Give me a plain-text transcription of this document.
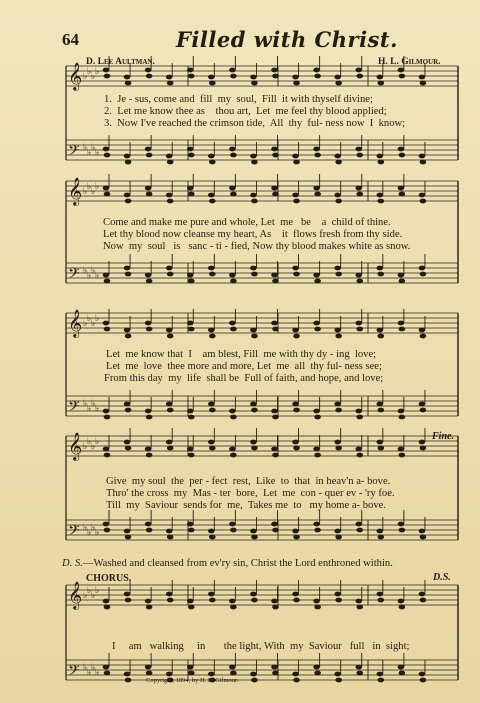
64	Filled with Christ.
D. Lee Aultman.	H. L. Gilmour.
𝄞 ♭ ♭ ♭ ♭
𝄢 ♭ ♭ ♭ ♭
𝄞 ♭ ♭ ♭ ♭
𝄢 ♭ ♭ ♭ ♭
𝄞 ♭ ♭ ♭ ♭
𝄢 ♭ ♭ ♭ ♭
𝄞 ♭ ♭ ♭ ♭
𝄢 ♭ ♭ ♭ ♭
𝄞 ♭ ♭ ♭ ♭
𝄢 ♭ ♭ ♭ ♭
1.  Je - sus, come and  fill  my  soul,  Fill  it with thyself divine;
2.  Let me know thee as    thou art,  Let  me feel thy blood applied;
3.  Now I've reached the crimson tide,  All  thy  ful- ness now  I  know;
Come and make me pure and whole, Let  me   be    a  child of thine.
Let thy blood now cleanse my heart, As    it  flows fresh from thy side.
Now  my  soul   is   sanc - ti - fied, Now thy blood makes white as snow.
Let  me know that  I    am blest, Fill  me with thy dy - ing  love;
Let  me  love  thee more and more, Let  me  all  thy ful- ness see;
From this day  my  life  shall be  Full of faith, and hope, and love;
Fine.
Give  my soul  the  per - fect  rest,  Like  to  that  in heav'n a- bove.
Thro' the cross  my  Mas - ter  bore,  Let  me  con - quer ev - 'ry foe.
Till  my  Saviour  sends for  me,  Takes me  to   my home a- bove.
D. S.—Washed and cleansed from ev'ry sin, Christ the Lord enthroned within.
CHORUS.	D.S.
I     am   walking     in       the light, With  my  Saviour   full   in  sight;
Copyright, 1894, by H. L. Gilmour.
